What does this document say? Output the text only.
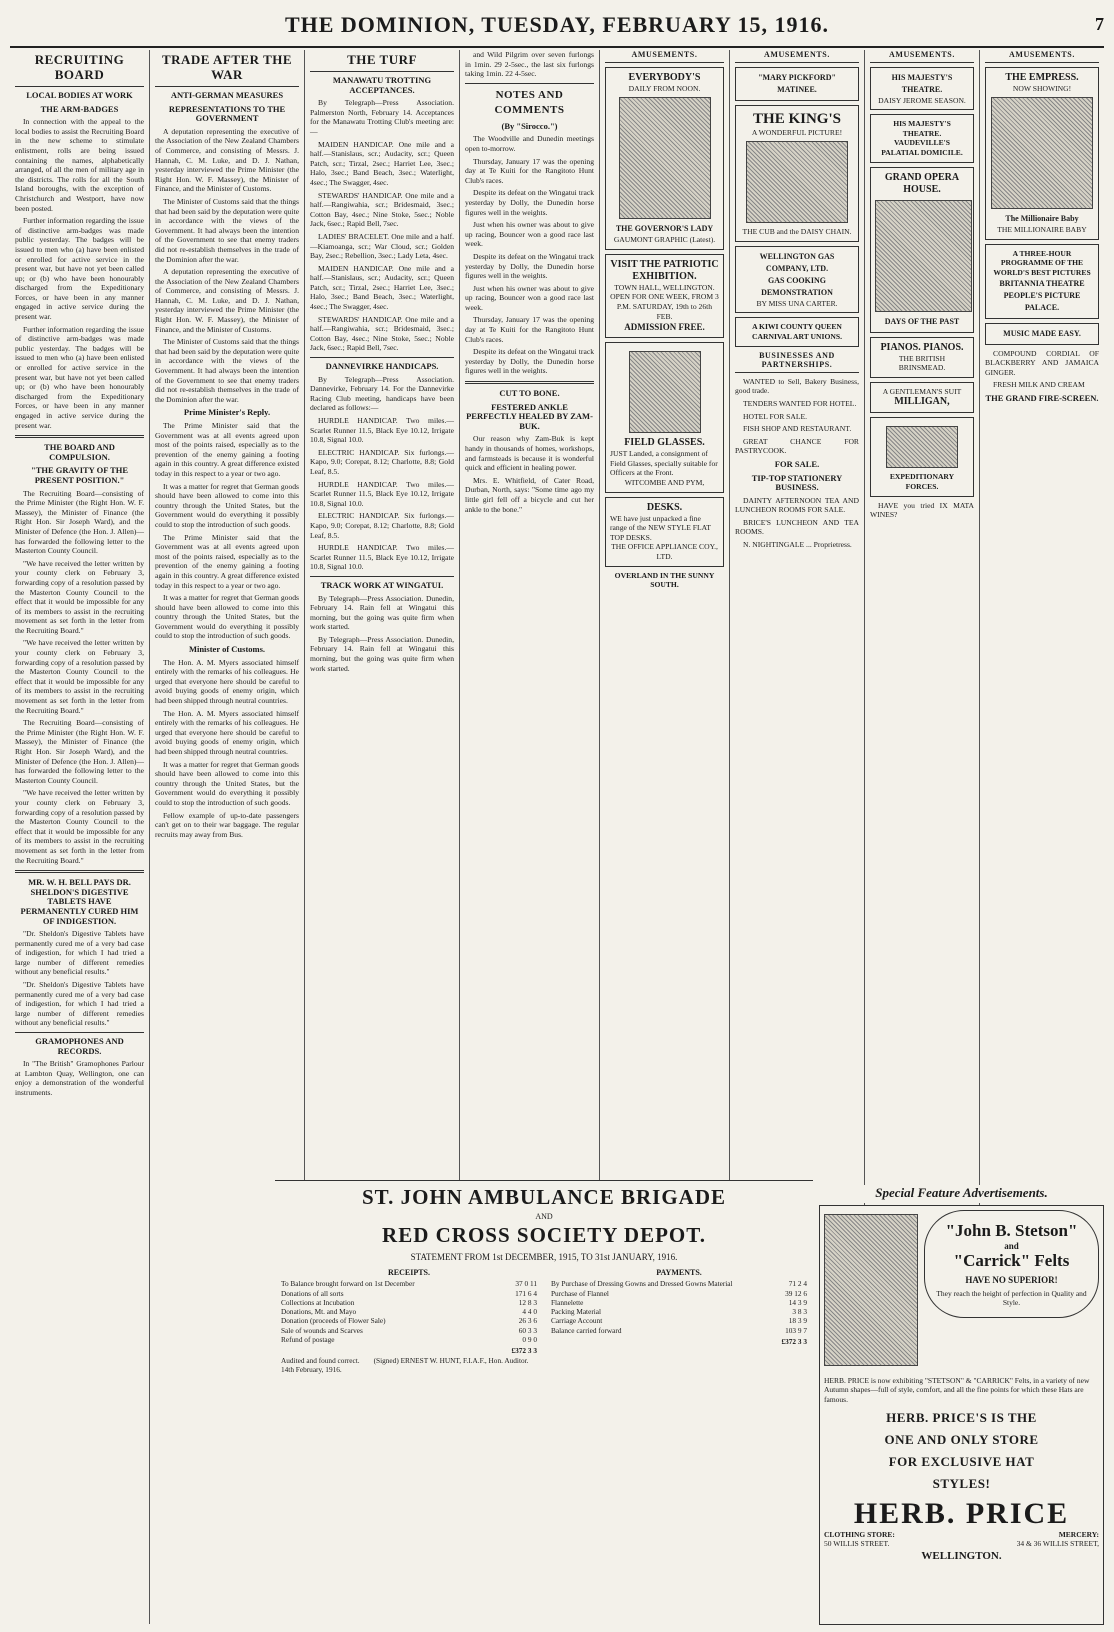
THE DOMINION, TUESDAY, FEBRUARY 15, 1916.	7
RECRUITING BOARD
LOCAL BODIES AT WORK
THE ARM-BADGES

In connection with the appeal to the local bodies to assist the Recruiting Board in the new scheme to stimulate enlistment, rolls are being issued containing the names, alphabetically arranged, of all the men of military age in the districts. The rolls for all the South Island boroughs, with the exception of Christchurch and Westport, have now been posted.

Further information regarding the issue of distinctive arm-badges was made public yesterday. The badges will be issued to men who (a) have been enlisted or enrolled for active service in the present war, but have not yet been called up; or (b) who have been honourably discharged from the Expeditionary Forces, or have been in any manner engaged in active service during the present war.

Further information regarding the issue of distinctive arm-badges was made public yesterday. The badges will be issued to men who (a) have been enlisted or enrolled for active service in the present war, but have not yet been called up; or (b) who have been honourably discharged from the Expeditionary Forces, or have been in any manner engaged in active service during the present war.

THE BOARD AND COMPULSION.
"THE GRAVITY OF THE PRESENT POSITION."

The Recruiting Board—consisting of the Prime Minister (the Right Hon. W. F. Massey), the Minister of Finance (the Right Hon. Sir Joseph Ward), and the Minister of Defence (the Hon. J. Allen)—has forwarded the following letter to the Masterton County Council.

"We have received the letter written by your county clerk on February 3, forwarding copy of a resolution passed by the Masterton County Council to the effect that it would be impossible for any of its members to assist in the recruiting movement as set forth in the letter from the Recruiting Board."

"We have received the letter written by your county clerk on February 3, forwarding copy of a resolution passed by the Masterton County Council to the effect that it would be impossible for any of its members to assist in the recruiting movement as set forth in the letter from the Recruiting Board."

The Recruiting Board—consisting of the Prime Minister (the Right Hon. W. F. Massey), the Minister of Finance (the Right Hon. Sir Joseph Ward), and the Minister of Defence (the Hon. J. Allen)—has forwarded the following letter to the Masterton County Council.

"We have received the letter written by your county clerk on February 3, forwarding copy of a resolution passed by the Masterton County Council to the effect that it would be impossible for any of its members to assist in the recruiting movement as set forth in the letter from the Recruiting Board."

MR. W. H. BELL PAYS DR. SHELDON'S DIGESTIVE TABLETS HAVE PERMANENTLY CURED HIM OF INDIGESTION.

"Dr. Sheldon's Digestive Tablets have permanently cured me of a very bad case of indigestion, for which I had tried a large number of different remedies without any beneficial results."

"Dr. Sheldon's Digestive Tablets have permanently cured me of a very bad case of indigestion, for which I had tried a large number of different remedies without any beneficial results."

GRAMOPHONES AND RECORDS.

In "The British" Gramophones Parlour at Lambton Quay, Wellington, one can enjoy a demonstration of the wonderful instruments.

TRADE AFTER THE WAR
ANTI-GERMAN MEASURES
REPRESENTATIONS TO THE GOVERNMENT

A deputation representing the executive of the Association of the New Zealand Chambers of Commerce, and consisting of Messrs. J. Hannah, C. M. Luke, and D. J. Nathan, yesterday interviewed the Prime Minister (the Right Hon. W. F. Massey), the Minister of Finance, and the Minister of Customs.

The Minister of Customs said that the things that had been said by the deputation were quite in accordance with the views of the Government. It had always been the intention of the Government to see that enemy traders did not re-establish themselves in the trade of the Dominion after the war.

A deputation representing the executive of the Association of the New Zealand Chambers of Commerce, and consisting of Messrs. J. Hannah, C. M. Luke, and D. J. Nathan, yesterday interviewed the Prime Minister (the Right Hon. W. F. Massey), the Minister of Finance, and the Minister of Customs.

The Minister of Customs said that the things that had been said by the deputation were quite in accordance with the views of the Government. It had always been the intention of the Government to see that enemy traders did not re-establish themselves in the trade of the Dominion after the war.

Prime Minister's Reply.

The Prime Minister said that the Government was at all events agreed upon most of the points raised, especially as to the prevention of the enemy gaining a footing again in this country. A great difference existed today in this respect to a year or two ago.

It was a matter for regret that German goods should have been allowed to come into this country through the United States, but the Government would do everything it possibly could to stop the introduction of such goods.

The Prime Minister said that the Government was at all events agreed upon most of the points raised, especially as to the prevention of the enemy gaining a footing again in this country. A great difference existed today in this respect to a year or two ago.

It was a matter for regret that German goods should have been allowed to come into this country through the United States, but the Government would do everything it possibly could to stop the introduction of such goods.

Minister of Customs.

The Hon. A. M. Myers associated himself entirely with the remarks of his colleagues. He urged that everyone here should be careful to avoid buying goods of enemy origin, which had been shipped through neutral countries.

The Hon. A. M. Myers associated himself entirely with the remarks of his colleagues. He urged that everyone here should be careful to avoid buying goods of enemy origin, which had been shipped through neutral countries.

It was a matter for regret that German goods should have been allowed to come into this country through the United States, but the Government would do everything it possibly could to stop the introduction of such goods.

Fellow example of up-to-date passengers can't get on to their war baggage. The regular recruits may away from Bus.

THE TURF
MANAWATU TROTTING ACCEPTANCES.

By Telegraph—Press Association. Palmerston North, February 14. Acceptances for the Manawatu Trotting Club's meeting are:—

MAIDEN HANDICAP. One mile and a half.—Stanislaus, scr.; Audacity, scr.; Queen Patch, scr.; Tirzal, 2sec.; Harriet Lee, 3sec.; Halo, 3sec.; Band Beach, 3sec.; Waterlight, 4sec.; The Swagger, 4sec.

STEWARDS' HANDICAP. One mile and a half.—Rangiwahia, scr.; Bridesmaid, 3sec.; Cotton Bay, 4sec.; Nine Stoke, 5sec.; Noble Jack, 6sec.; Rapid Bell, 7sec.

LADIES' BRACELET. One mile and a half.—Kiamoanga, scr.; War Cloud, scr.; Golden Bay, 2sec.; Rebellion, 3sec.; Lady Leta, 4sec.

MAIDEN HANDICAP. One mile and a half.—Stanislaus, scr.; Audacity, scr.; Queen Patch, scr.; Tirzal, 2sec.; Harriet Lee, 3sec.; Halo, 3sec.; Band Beach, 3sec.; Waterlight, 4sec.; The Swagger, 4sec.

STEWARDS' HANDICAP. One mile and a half.—Rangiwahia, scr.; Bridesmaid, 3sec.; Cotton Bay, 4sec.; Nine Stoke, 5sec.; Noble Jack, 6sec.; Rapid Bell, 7sec.

DANNEVIRKE HANDICAPS.

By Telegraph—Press Association. Dannevirke, February 14. For the Dannevirke Racing Club meeting, handicaps have been declared as follows:—

HURDLE HANDICAP. Two miles.—Scarlet Runner 11.5, Black Eye 10.12, Irrigate 10.8, Signal 10.0.

ELECTRIC HANDICAP. Six furlongs.—Kapo, 9.0; Corepat, 8.12; Charlotte, 8.8; Gold Leaf, 8.5.

HURDLE HANDICAP. Two miles.—Scarlet Runner 11.5, Black Eye 10.12, Irrigate 10.8, Signal 10.0.

ELECTRIC HANDICAP. Six furlongs.—Kapo, 9.0; Corepat, 8.12; Charlotte, 8.8; Gold Leaf, 8.5.

HURDLE HANDICAP. Two miles.—Scarlet Runner 11.5, Black Eye 10.12, Irrigate 10.8, Signal 10.0.

TRACK WORK AT WINGATUI.

By Telegraph—Press Association. Dunedin, February 14. Rain fell at Wingatui this morning, but the going was quite firm when work started.

By Telegraph—Press Association. Dunedin, February 14. Rain fell at Wingatui this morning, but the going was quite firm when work started.

and Wild Pilgrim over seven furlongs in 1min. 29 2-5sec., the last six furlongs taking 1min. 22 4-5sec.

NOTES AND COMMENTS
(By "Sirocco.")

The Woodville and Dunedin meetings open to-morrow.

Thursday, January 17 was the opening day at Te Kuiti for the Rangitoto Hunt Club's races.

Despite its defeat on the Wingatui track yesterday by Dolly, the Dunedin horse figures well in the weights.

Just when his owner was about to give up racing, Bouncer won a good race last week.

Despite its defeat on the Wingatui track yesterday by Dolly, the Dunedin horse figures well in the weights.

Just when his owner was about to give up racing, Bouncer won a good race last week.

Thursday, January 17 was the opening day at Te Kuiti for the Rangitoto Hunt Club's races.

Despite its defeat on the Wingatui track yesterday by Dolly, the Dunedin horse figures well in the weights.

CUT TO BONE.
FESTERED ANKLE PERFECTLY HEALED BY ZAM-BUK.

Our reason why Zam-Buk is kept handy in thousands of homes, workshops, and farmsteads is because it is wonderful quick and efficient in healing power.

Mrs. E. Whitfield, of Cater Road, Durban, North, says: "Some time ago my little girl fell off a bicycle and cut her ankle to the bone."

AMUSEMENTS.
EVERYBODY'S
DAILY FROM NOON.
THE GOVERNOR'S LADY
GAUMONT GRAPHIC (Latest).
VISIT THE PATRIOTIC EXHIBITION.
TOWN HALL, WELLINGTON.
OPEN FOR ONE WEEK, FROM 3 P.M. SATURDAY, 19th to 26th FEB.
ADMISSION FREE.
FIELD GLASSES.
JUST Landed, a consignment of Field Glasses, specially suitable for Officers at the Front.
WITCOMBE AND PYM,
DESKS.
WE have just unpacked a fine range of the NEW STYLE FLAT TOP DESKS.
THE OFFICE APPLIANCE COY., LTD.
OVERLAND IN THE SUNNY SOUTH.
AMUSEMENTS.
"MARY PICKFORD" MATINEE.
THE KING'S
A WONDERFUL PICTURE!
THE CUB and the DAISY CHAIN.
WELLINGTON GAS COMPANY, LTD.
GAS COOKING DEMONSTRATION
BY MISS UNA CARTER.
A KIWI COUNTY QUEEN CARNIVAL ART UNIONS.
BUSINESSES AND PARTNERSHIPS.

WANTED to Sell, Bakery Business, good trade.

TENDERS WANTED FOR HOTEL.

HOTEL FOR SALE.

FISH SHOP AND RESTAURANT.

GREAT CHANCE FOR PASTRYCOOK.

FOR SALE.
TIP-TOP STATIONERY BUSINESS.

DAINTY AFTERNOON TEA AND LUNCHEON ROOMS FOR SALE.

BRICE'S LUNCHEON AND TEA ROOMS.

N. NIGHTINGALE ... Proprietress.

AMUSEMENTS.
HIS MAJESTY'S THEATRE.
DAISY JEROME SEASON.
HIS MAJESTY'S THEATRE. VAUDEVILLE'S PALATIAL DOMICILE.
GRAND OPERA HOUSE.
DAYS OF THE PAST
PIANOS. PIANOS.
THE BRITISH BRINSMEAD.
A GENTLEMAN'S SUIT
MILLIGAN,
EXPEDITIONARY FORCES.

HAVE you tried IX MATA WINES?

AMUSEMENTS.
THE EMPRESS.
NOW SHOWING!
The Millionaire Baby
THE MILLIONAIRE BABY
A THREE-HOUR PROGRAMME OF THE WORLD'S BEST PICTURES
BRITANNIA THEATRE
PEOPLE'S PICTURE PALACE.
MUSIC MADE EASY.

COMPOUND CORDIAL OF BLACKBERRY AND JAMAICA GINGER.

FRESH MILK AND CREAM

THE GRAND FIRE-SCREEN.
ST. JOHN AMBULANCE BRIGADE
AND
RED CROSS SOCIETY DEPOT.
STATEMENT FROM 1st DECEMBER, 1915, TO 31st JANUARY, 1916.
RECEIPTS.
To Balance brought forward on 1st December	37 0 11
Donations of all sorts	171 6 4
Collections at Incubation	12 8 3
Donations, Mt. and Mayo	4 4 0
Donation (proceeds of Flower Sale)	26 3 6
Sale of wounds and Scarves	60 3 3
Refund of postage	0 9 0
£372 3 3
PAYMENTS.
By Purchase of Dressing Gowns and Dressed Gowns Material	71 2 4
Purchase of Flannel	39 12 6
Flannelette	14 3 9
Packing Material	3 8 3
Carriage Account	18 3 9
Balance carried forward	103 9 7
£372 3 3
Audited and found correct. (Signed) ERNEST W. HUNT, F.I.A.F., Hon. Auditor.
14th February, 1916.
Special Feature Advertisements.
"John B. Stetson"
and
"Carrick" Felts
HAVE NO SUPERIOR!
They reach the height of perfection in Quality and Style.
HERB. PRICE is now exhibiting "STETSON" & "CARRICK" Felts, in a variety of new Autumn shapes—full of style, comfort, and all the fine points for which these Hats are famous.
HERB. PRICE'S IS THE
ONE AND ONLY STORE
FOR EXCLUSIVE HAT
STYLES!
HERB. PRICE
CLOTHING STORE:	MERCERY:
50 WILLIS STREET.	34 & 36 WILLIS STREET,
WELLINGTON.
